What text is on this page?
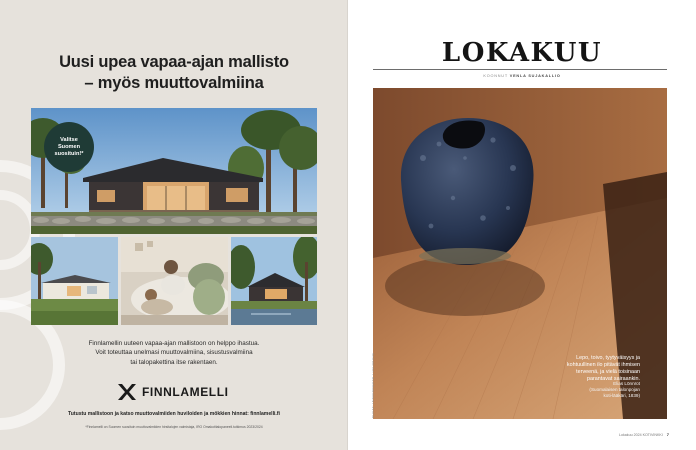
Uusi upea vapaa-ajan mallisto
– myös muuttovalmiina
Valitse Suomen suosituin!*
Finnlamellin uuteen vapaa-ajan mallistoon on helppo ihastua.
Voit toteuttaa unelmasi muuttovalmiina, sisustusvalmiina
tai talopakettina itse rakentaen.
FINNLAMELLI
Tutustu mallistoon ja katso muuttovalmiiden huviloiden ja mökkien hinnat: finnlamelli.fi
*Finnlamelli on Suomen suosituin muuttovalmiiden hirsitalojen valmistaja, IRO Omakotitalopaneeli.tutkimus 2023/2024
LOKAKUU
KOONNUT VENLA SUJAKALLIO
Lepo, toivo, tyytyväisyys ja
kohtuullinen ilo pitävät ihmisen
terveenä, ja vielä toisinaan
parantavat sairaankin.
Elias Lönnrot
(Suomalaisen talonpojan
koti-lääkäri, 1839)
Lokakuu 2024 KOTIVINKKI 7
KUVAT: ISTOCKPHOTO / VALOKUVA
